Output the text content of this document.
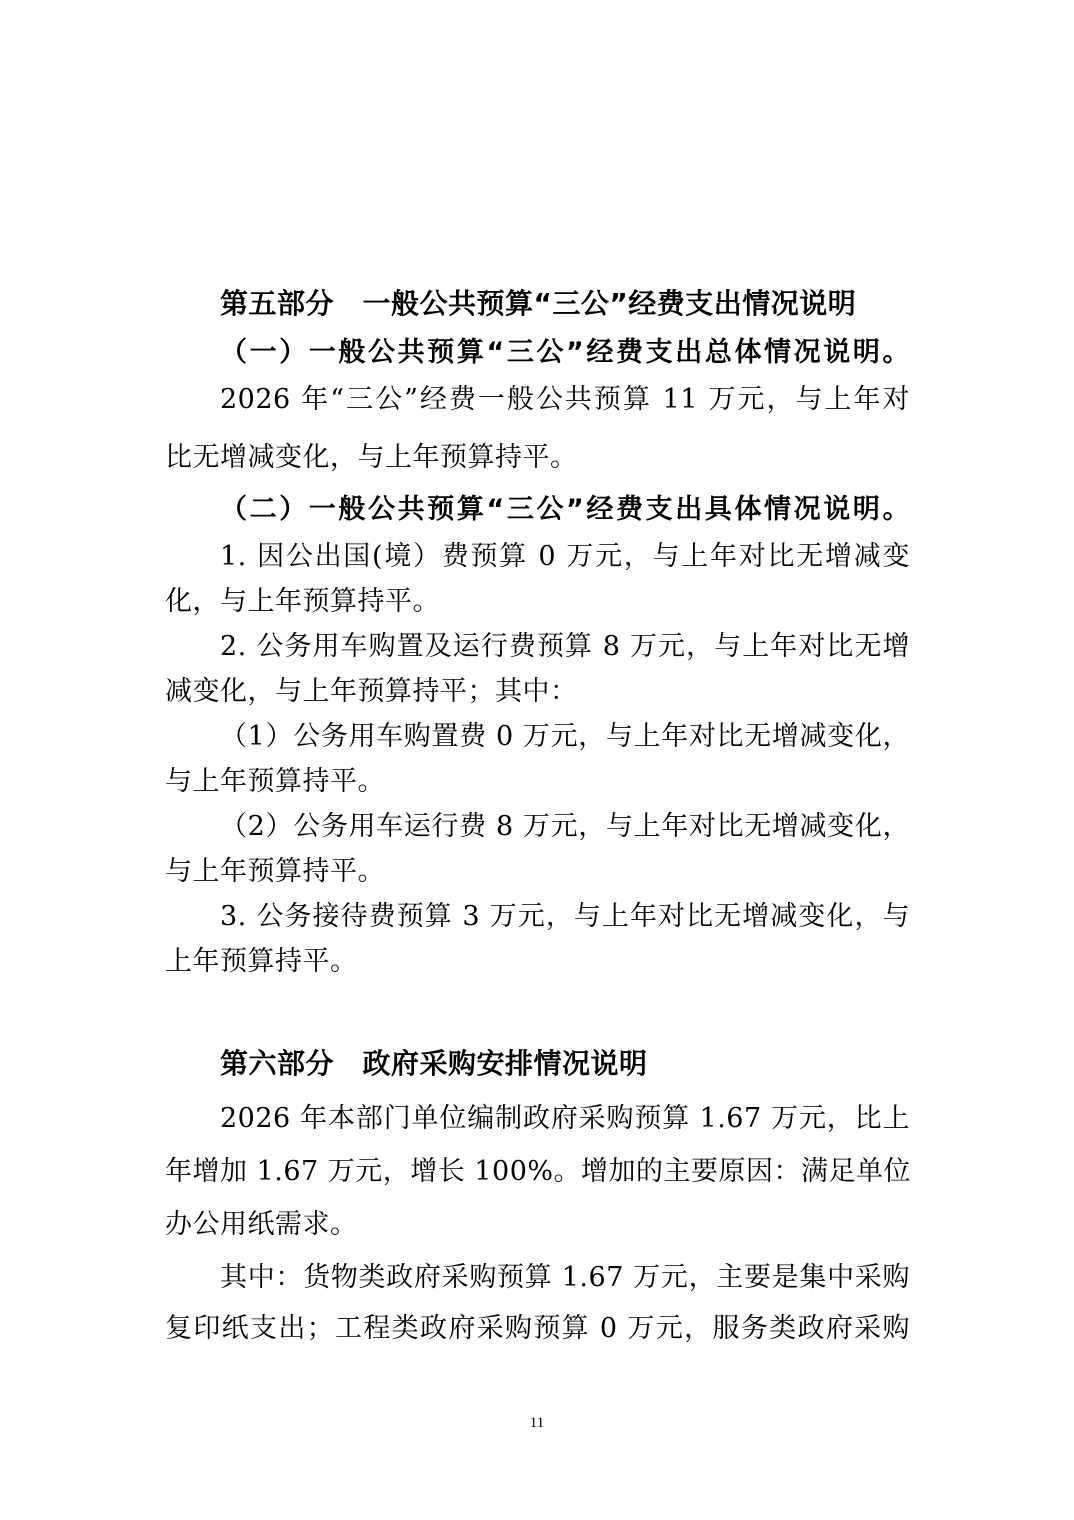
第五部分　一般公共预算“三公”经费支出情况说明
（一）一般公共预算“三公”经费支出总体情况说明。
2026 年“三公”经费一般公共预算 11 万元，与上年对
比无增减变化，与上年预算持平。
（二）一般公共预算“三公”经费支出具体情况说明。
1. 因公出国(境）费预算 0 万元，与上年对比无增减变
化，与上年预算持平。
2. 公务用车购置及运行费预算 8 万元，与上年对比无增
减变化，与上年预算持平；其中：
（1）公务用车购置费 0 万元，与上年对比无增减变化，
与上年预算持平。
（2）公务用车运行费 8 万元，与上年对比无增减变化，
与上年预算持平。
3. 公务接待费预算 3 万元，与上年对比无增减变化，与
上年预算持平。
第六部分　政府采购安排情况说明
2026 年本部门单位编制政府采购预算 1.67 万元，比上
年增加 1.67 万元，增长 100%。增加的主要原因：满足单位
办公用纸需求。
其中：货物类政府采购预算 1.67 万元，主要是集中采购
复印纸支出；工程类政府采购预算 0 万元，服务类政府采购
11
